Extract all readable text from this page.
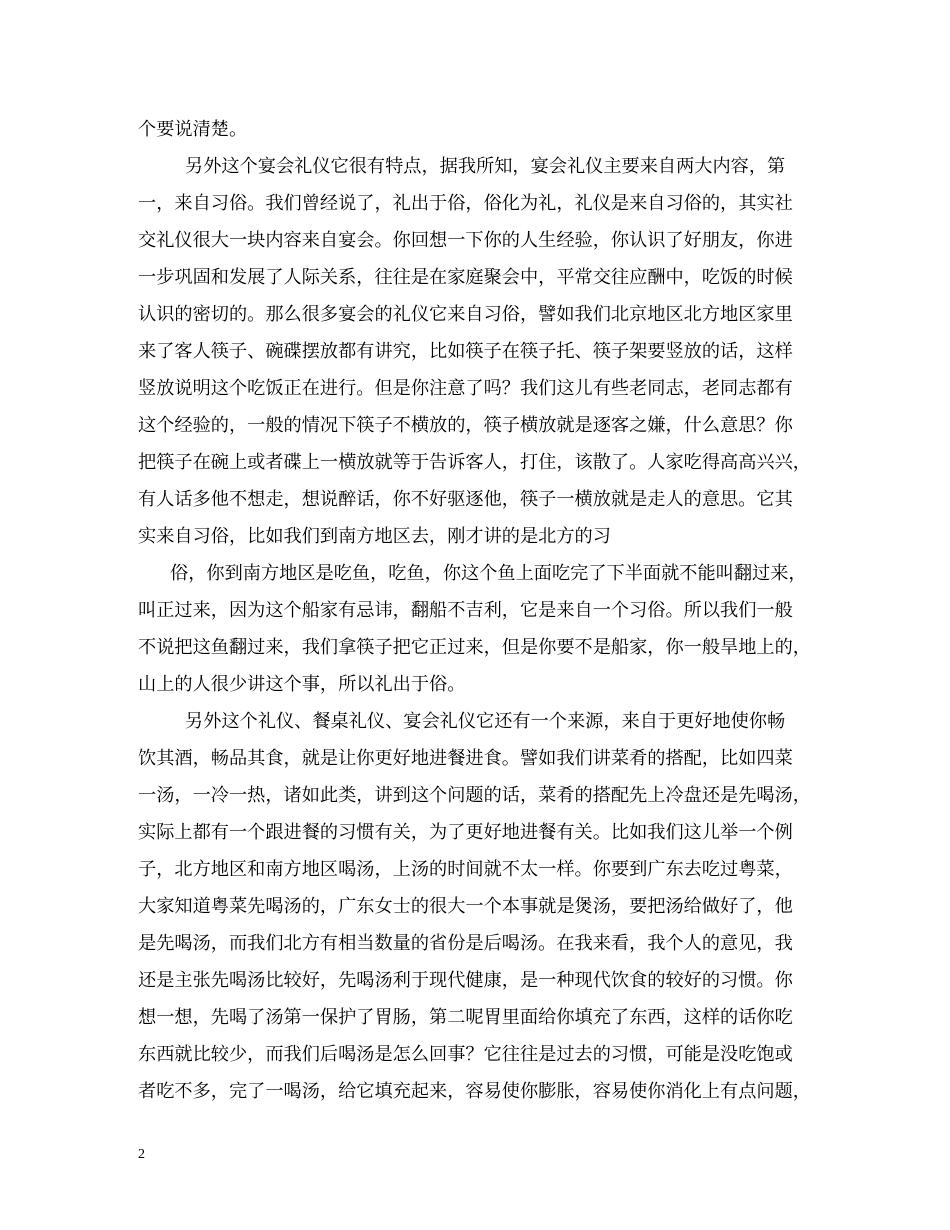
个要说清楚。
另外这个宴会礼仪它很有特点，据我所知，宴会礼仪主要来自两大内容，第
一，来自习俗。我们曾经说了，礼出于俗，俗化为礼，礼仪是来自习俗的，其实社
交礼仪很大一块内容来自宴会。你回想一下你的人生经验，你认识了好朋友，你进
一步巩固和发展了人际关系，往往是在家庭聚会中，平常交往应酬中，吃饭的时候
认识的密切的。那么很多宴会的礼仪它来自习俗，譬如我们北京地区北方地区家里
来了客人筷子、碗碟摆放都有讲究，比如筷子在筷子托、筷子架要竖放的话，这样
竖放说明这个吃饭正在进行。但是你注意了吗？我们这儿有些老同志，老同志都有
这个经验的，一般的情况下筷子不横放的，筷子横放就是逐客之嫌，什么意思？你
把筷子在碗上或者碟上一横放就等于告诉客人，打住，该散了。人家吃得高高兴兴，
有人话多他不想走，想说醉话，你不好驱逐他，筷子一横放就是走人的意思。它其
实来自习俗，比如我们到南方地区去，刚才讲的是北方的习
俗，你到南方地区是吃鱼，吃鱼，你这个鱼上面吃完了下半面就不能叫翻过来，
叫正过来，因为这个船家有忌讳，翻船不吉利，它是来自一个习俗。所以我们一般
不说把这鱼翻过来，我们拿筷子把它正过来，但是你要不是船家，你一般旱地上的，
山上的人很少讲这个事，所以礼出于俗。
另外这个礼仪、餐桌礼仪、宴会礼仪它还有一个来源，来自于更好地使你畅
饮其酒，畅品其食，就是让你更好地进餐进食。譬如我们讲菜肴的搭配，比如四菜
一汤，一冷一热，诸如此类，讲到这个问题的话，菜肴的搭配先上冷盘还是先喝汤，
实际上都有一个跟进餐的习惯有关，为了更好地进餐有关。比如我们这儿举一个例
子，北方地区和南方地区喝汤，上汤的时间就不太一样。你要到广东去吃过粤菜，
大家知道粤菜先喝汤的，广东女士的很大一个本事就是煲汤，要把汤给做好了，他
是先喝汤，而我们北方有相当数量的省份是后喝汤。在我来看，我个人的意见，我
还是主张先喝汤比较好，先喝汤利于现代健康，是一种现代饮食的较好的习惯。你
想一想，先喝了汤第一保护了胃肠，第二呢胃里面给你填充了东西，这样的话你吃
东西就比较少，而我们后喝汤是怎么回事？它往往是过去的习惯，可能是没吃饱或
者吃不多，完了一喝汤，给它填充起来，容易使你膨胀，容易使你消化上有点问题，
2
